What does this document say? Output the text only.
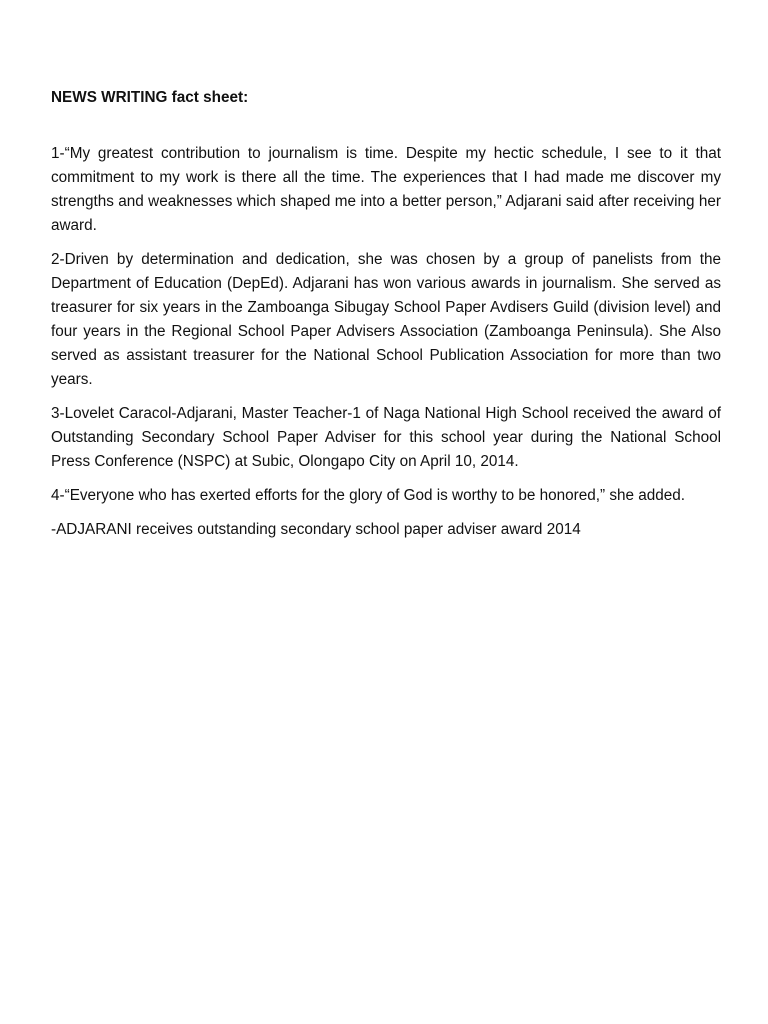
NEWS WRITING fact sheet:

1-“My greatest contribution to journalism is time. Despite my hectic schedule, I see to it that commitment to my work is there all the time. The experiences that I had made me discover my strengths and weaknesses which shaped me into a better person,” Adjarani said after receiving her award.

2-Driven by determination and dedication, she was chosen by a group of panelists from the Department of Education (DepEd). Adjarani has won various awards in journalism. She served as treasurer for six years in the Zamboanga Sibugay School Paper Avdisers Guild (division level) and four years in the Regional School Paper Advisers Association (Zamboanga Peninsula). She Also served as assistant treasurer for the National School Publication Association for more than two years.

3-Lovelet Caracol-Adjarani, Master Teacher-1 of Naga National High School received the award of Outstanding Secondary School Paper Adviser for this school year during the National School Press Conference (NSPC) at Subic, Olongapo City on April 10, 2014.

4-“Everyone who has exerted efforts for the glory of God is worthy to be honored,” she added.

-ADJARANI receives outstanding secondary school paper adviser award 2014
